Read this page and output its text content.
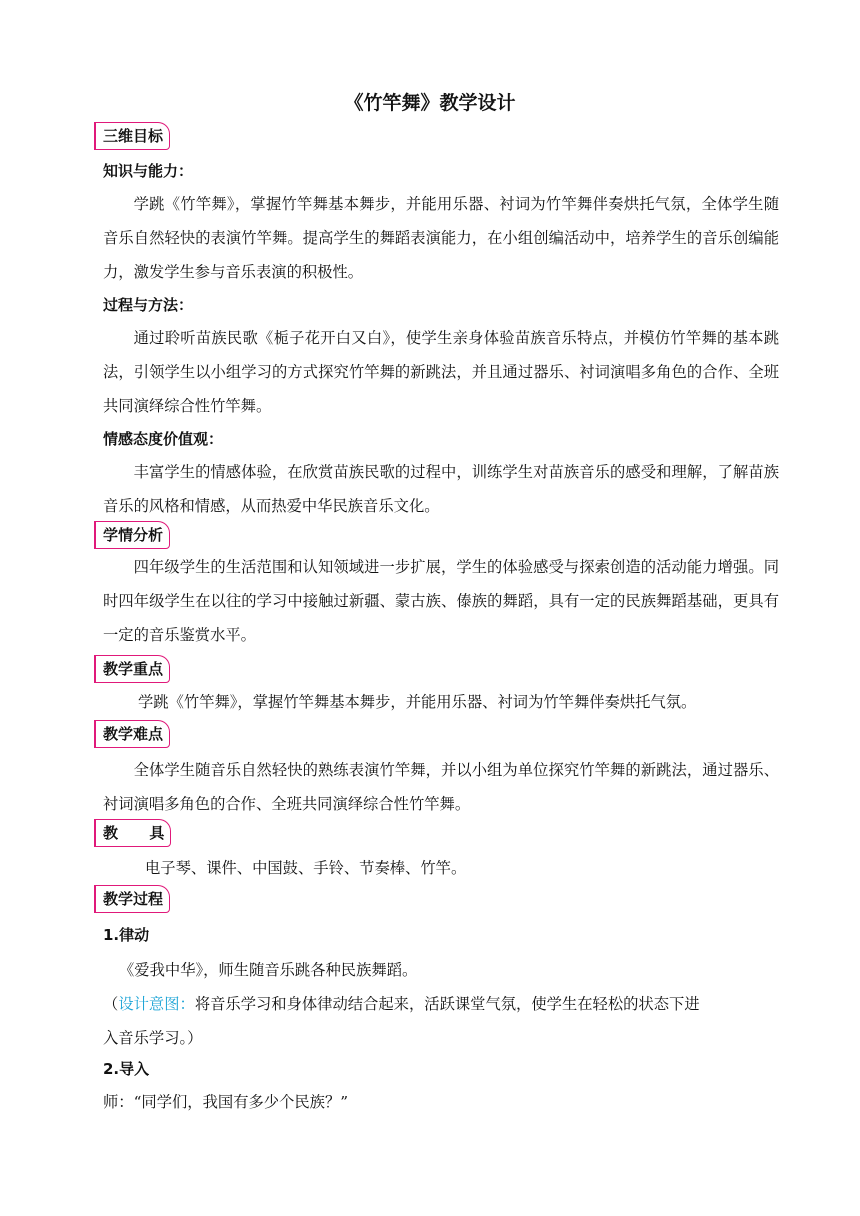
《竹竿舞》教学设计
三维目标
知识与能力：
学跳《竹竿舞》，掌握竹竿舞基本舞步，并能用乐器、衬词为竹竿舞伴奏烘托气氛，全体学生随音乐自然轻快的表演竹竿舞。提高学生的舞蹈表演能力，在小组创编活动中，培养学生的音乐创编能力，激发学生参与音乐表演的积极性。
过程与方法：
通过聆听苗族民歌《栀子花开白又白》，使学生亲身体验苗族音乐特点，并模仿竹竿舞的基本跳法，引领学生以小组学习的方式探究竹竿舞的新跳法，并且通过器乐、衬词演唱多角色的合作、全班共同演绎综合性竹竿舞。
情感态度价值观：
丰富学生的情感体验，在欣赏苗族民歌的过程中，训练学生对苗族音乐的感受和理解，了解苗族音乐的风格和情感，从而热爱中华民族音乐文化。
学情分析
四年级学生的生活范围和认知领域进一步扩展，学生的体验感受与探索创造的活动能力增强。同时四年级学生在以往的学习中接触过新疆、蒙古族、傣族的舞蹈，具有一定的民族舞蹈基础，更具有一定的音乐鉴赏水平。
教学重点
学跳《竹竿舞》，掌握竹竿舞基本舞步，并能用乐器、衬词为竹竿舞伴奏烘托气氛。
教学难点
全体学生随音乐自然轻快的熟练表演竹竿舞，并以小组为单位探究竹竿舞的新跳法，通过器乐、衬词演唱多角色的合作、全班共同演绎综合性竹竿舞。
教      具
电子琴、课件、中国鼓、手铃、节奏棒、竹竿。
教学过程
1.律动
《爱我中华》，师生随音乐跳各种民族舞蹈。
（设计意图：将音乐学习和身体律动结合起来，活跃课堂气氛，使学生在轻松的状态下进
入音乐学习。）
2.导入
师：“同学们，我国有多少个民族？”
